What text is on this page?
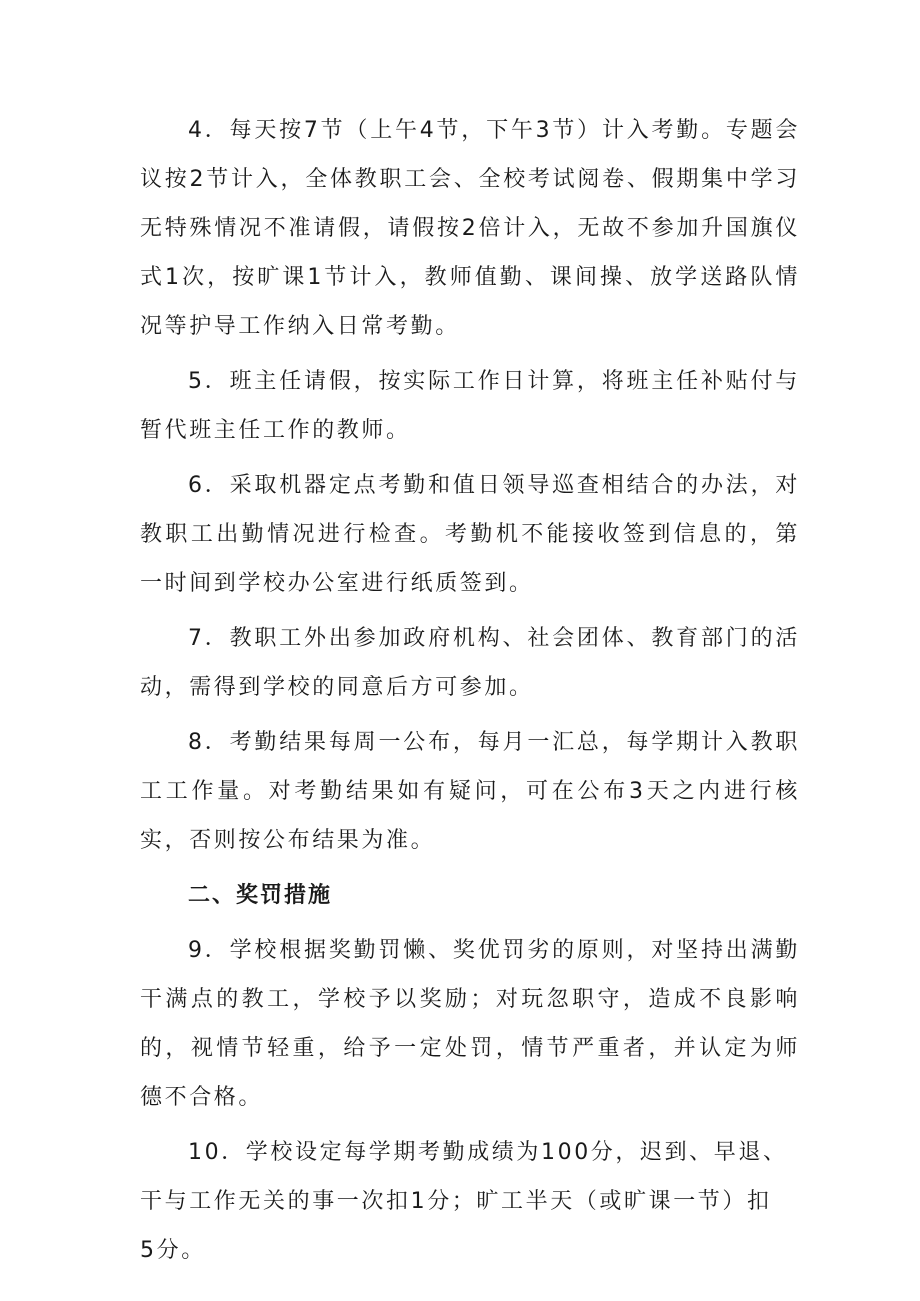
4．每天按7节（上午4节，下午3节）计入考勤。专题会议按2节计入，全体教职工会、全校考试阅卷、假期集中学习无特殊情况不准请假，请假按2倍计入，无故不参加升国旗仪式1次，按旷课1节计入，教师值勤、课间操、放学送路队情况等护导工作纳入日常考勤。

5．班主任请假，按实际工作日计算，将班主任补贴付与暂代班主任工作的教师。

6．采取机器定点考勤和值日领导巡查相结合的办法，对教职工出勤情况进行检查。考勤机不能接收签到信息的，第一时间到学校办公室进行纸质签到。

7．教职工外出参加政府机构、社会团体、教育部门的活动，需得到学校的同意后方可参加。

8．考勤结果每周一公布，每月一汇总，每学期计入教职工工作量。对考勤结果如有疑问，可在公布3天之内进行核实，否则按公布结果为准。

二、奖罚措施

9．学校根据奖勤罚懒、奖优罚劣的原则，对坚持出满勤干满点的教工，学校予以奖励；对玩忽职守，造成不良影响的，视情节轻重，给予一定处罚，情节严重者，并认定为师德不合格。

10．学校设定每学期考勤成绩为100分，迟到、早退、干与工作无关的事一次扣1分；旷工半天（或旷课一节）扣
5分。
